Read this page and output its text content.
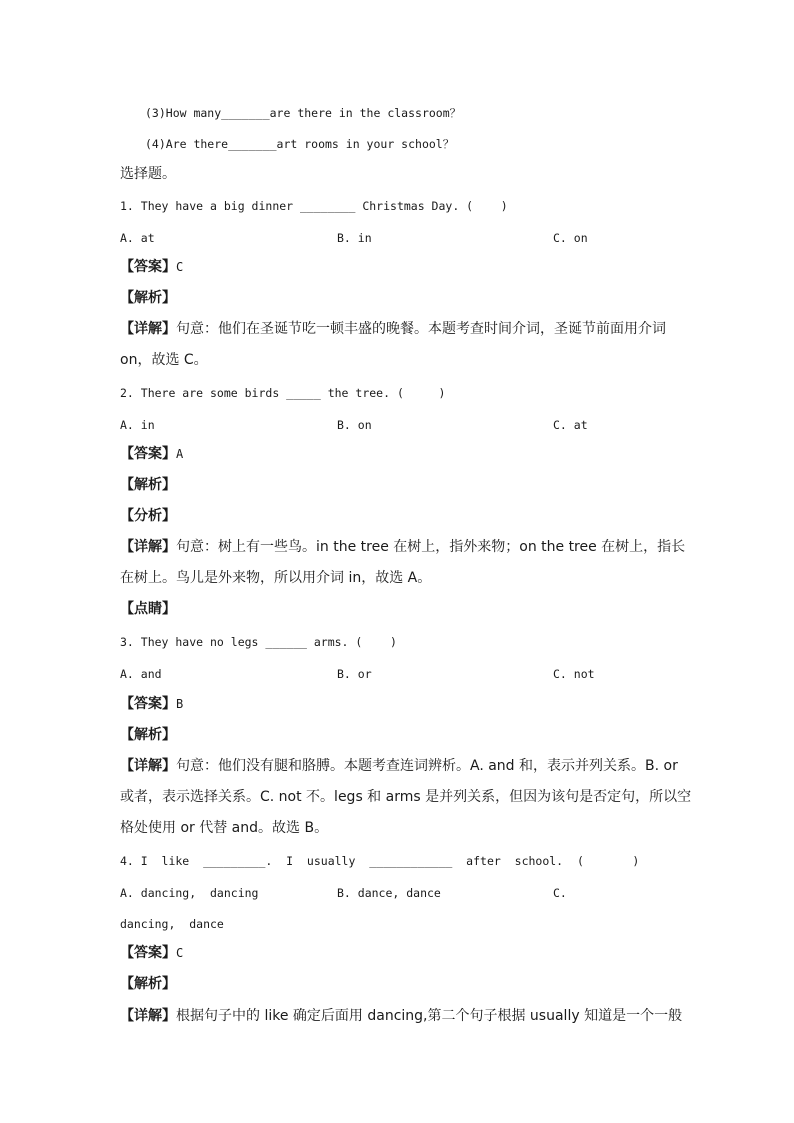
(3)How many_______are there in the classroom？
(4)Are there_______art rooms in your school？
选择题。
1. They have a big dinner ________ Christmas Day. (    )
A. at	B. in	C. on
【答案】C
【解析】
【详解】句意：他们在圣诞节吃一顿丰盛的晚餐。本题考查时间介词，圣诞节前面用介词
on，故选 C。
2. There are some birds _____ the tree. (     )
A. in	B. on	C. at
【答案】A
【解析】
【分析】
【详解】句意：树上有一些鸟。in the tree 在树上，指外来物；on the tree 在树上，指长
在树上。鸟儿是外来物，所以用介词 in，故选 A。
【点睛】
3. They have no legs ______ arms. (    )
A. and	B. or	C. not
【答案】B
【解析】
【详解】句意：他们没有腿和胳膊。本题考查连词辨析。A. and 和，表示并列关系。B. or
或者，表示选择关系。C. not 不。legs 和 arms 是并列关系，但因为该句是否定句，所以空
格处使用 or 代替 and。故选 B。
4. I  like  _________.  I  usually  ____________  after  school.  (       )
A. dancing,  dancing	B. dance, dance	C.
dancing,  dance
【答案】C
【解析】
【详解】根据句子中的 like 确定后面用 dancing,第二个句子根据 usually 知道是一个一般
